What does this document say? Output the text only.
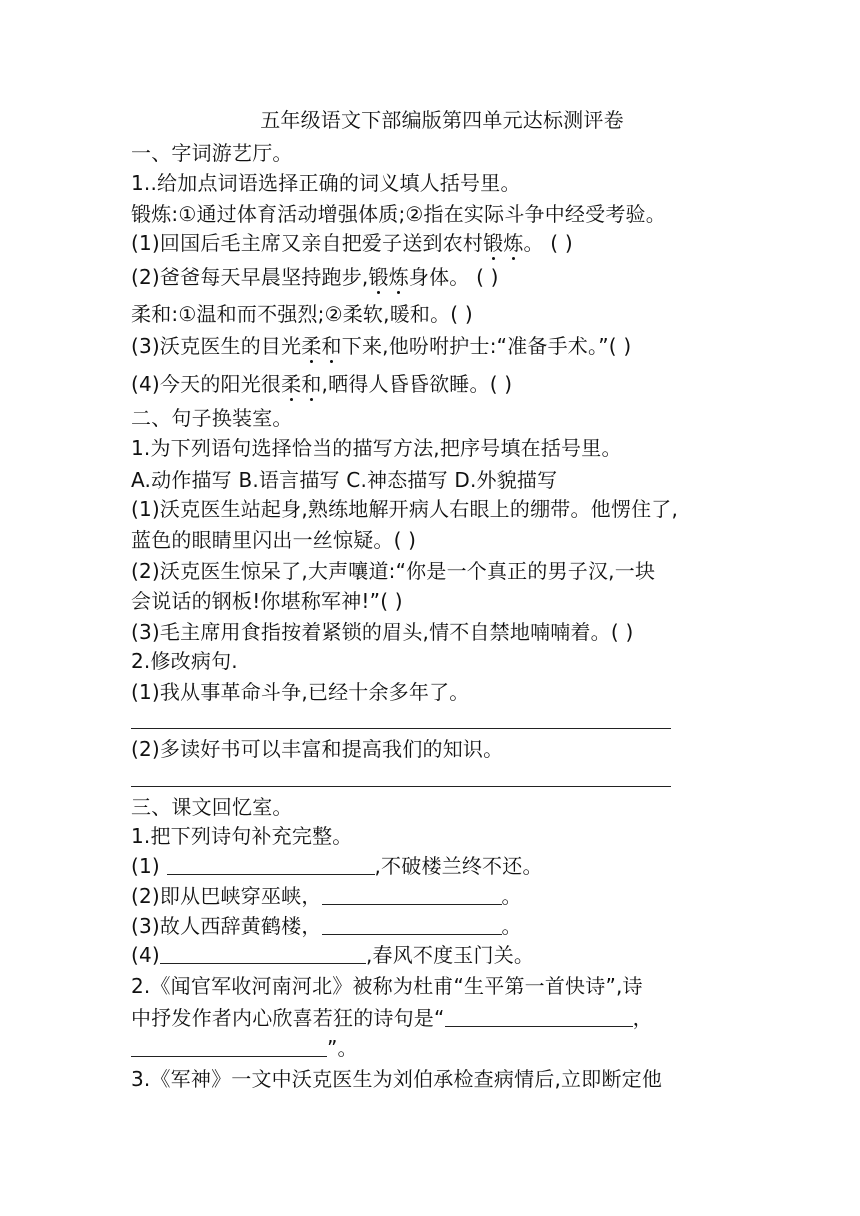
五年级语文下部编版第四单元达标测评卷
一、字词游艺厅。
1..给加点词语选择正确的词义填人括号里。
锻炼:①通过体育活动增强体质;②指在实际斗争中经受考验。
(1)回国后毛主席又亲自把爱子送到农村锻炼。 ( )
(2)爸爸每天早晨坚持跑步,锻炼身体。 ( )
柔和:①温和而不强烈;②柔软,暖和。( )
(3)沃克医生的目光柔和下来,他吩咐护士:“准备手术。”( )
(4)今天的阳光很柔和,晒得人昏昏欲睡。( )
二、句子换装室。
1.为下列语句选择恰当的描写方法,把序号填在括号里。
A.动作描写 B.语言描写 C.神态描写 D.外貌描写
(1)沃克医生站起身,熟练地解开病人右眼上的绷带。他愣住了,
蓝色的眼睛里闪出一丝惊疑。( )
(2)沃克医生惊呆了,大声嚷道:“你是一个真正的男子汉,一块
会说话的钢板!你堪称军神!”( )
(3)毛主席用食指按着紧锁的眉头,情不自禁地喃喃着。( )
2.修改病句.
(1)我从事革命斗争,已经十余多年了。
(2)多读好书可以丰富和提高我们的知识。
三、课文回忆室。
1.把下列诗句补充完整。
(1)	,不破楼兰终不还。
(2)即从巴峡穿巫峡，	。
(3)故人西辞黄鹤楼，	。
(4)	,春风不度玉门关。
2.《闻官军收河南河北》被称为杜甫“生平第一首快诗”,诗
中抒发作者内心欣喜若狂的诗句是“	，
”。
3.《军神》一文中沃克医生为刘伯承检查病情后,立即断定他
